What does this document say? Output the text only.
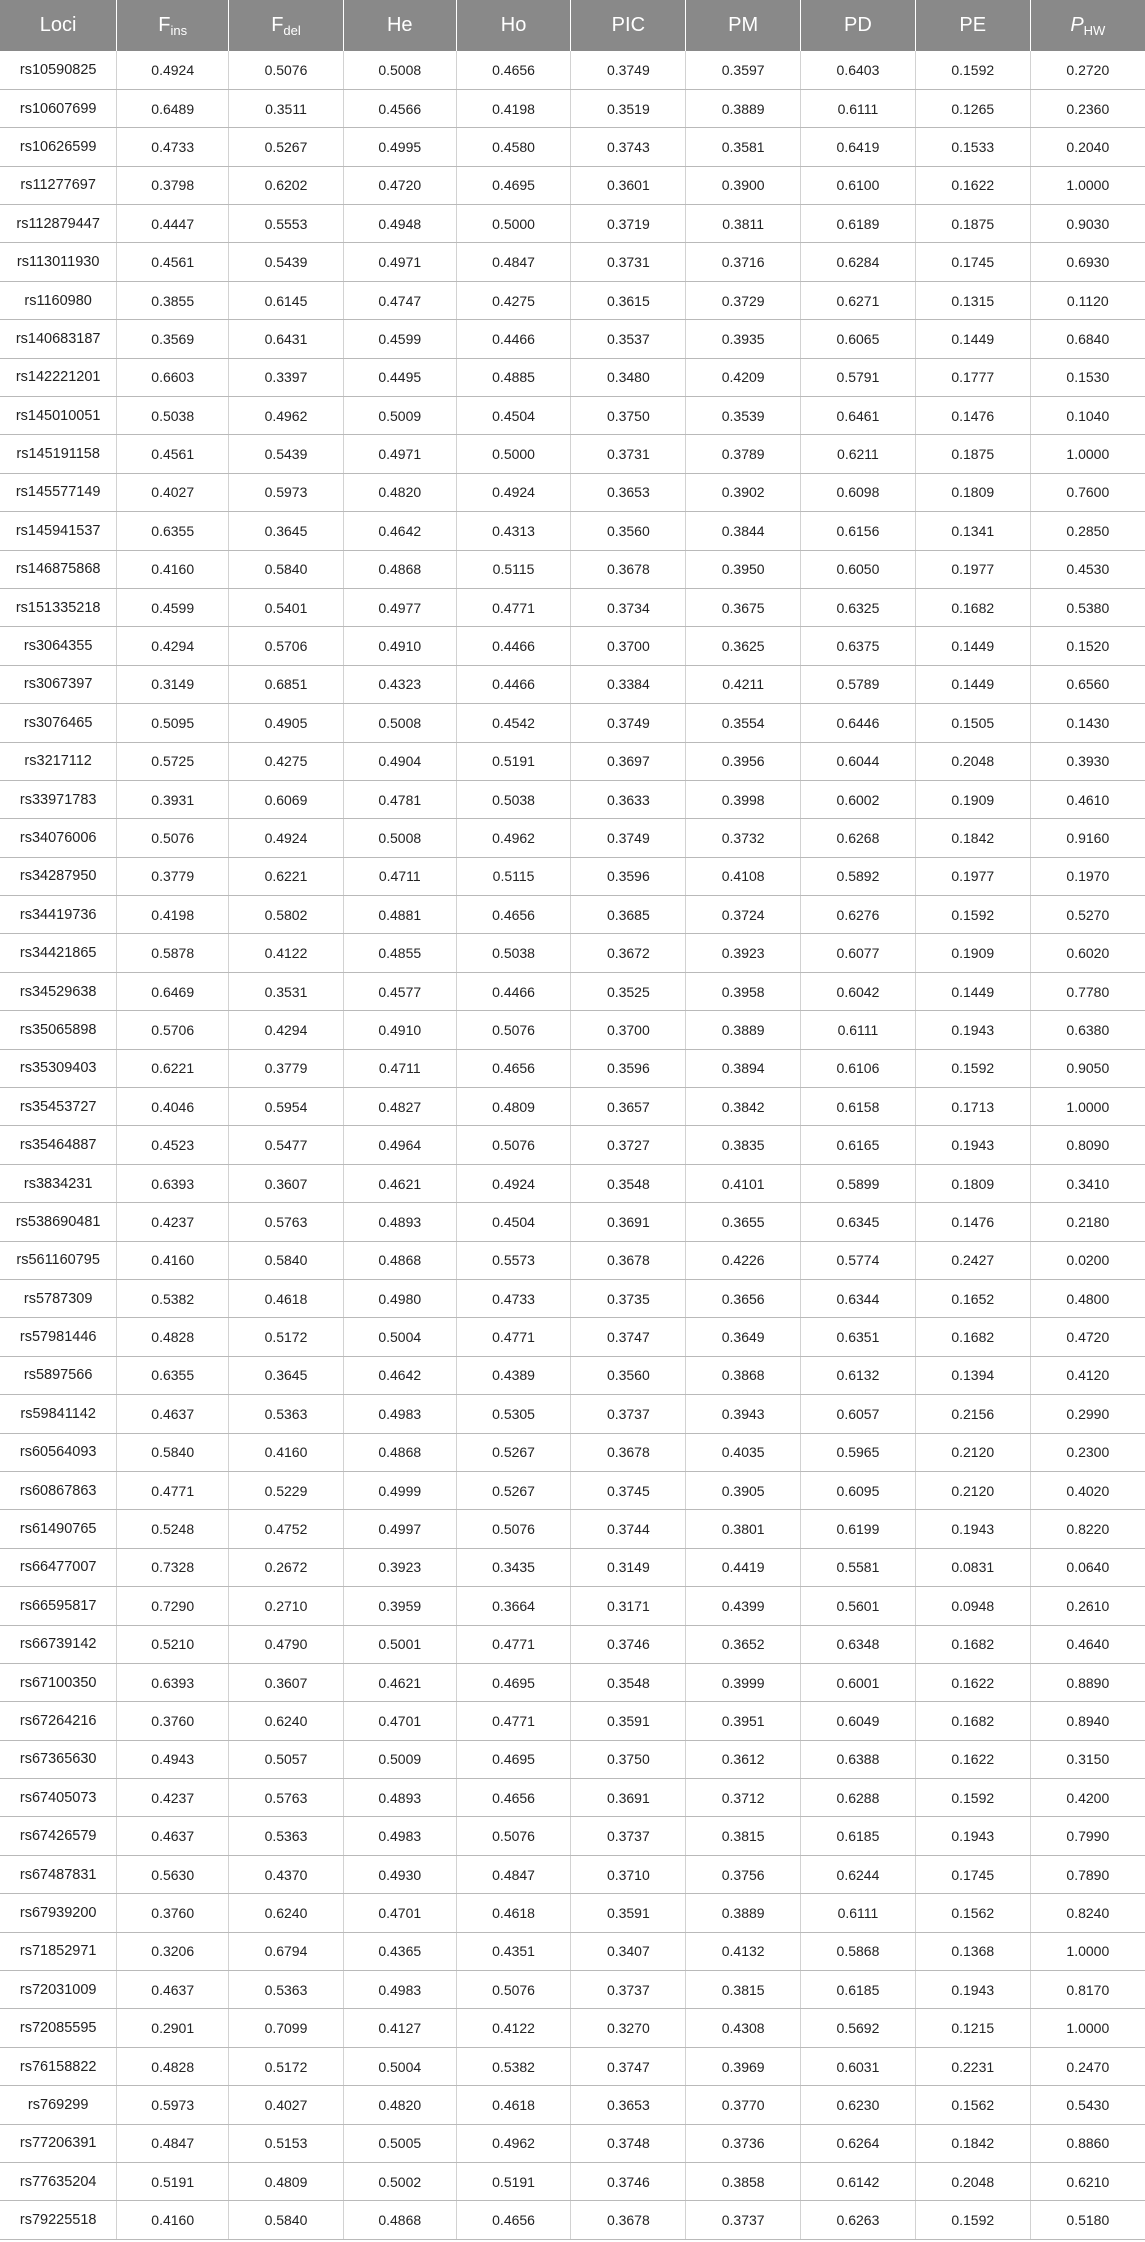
Loci	$F_{ins}$	$F_{del}$	He	Ho	PIC	PM	PD	PE	$P_{HW}$
rs10590825	0.4924	0.5076	0.5008	0.4656	0.3749	0.3597	0.6403	0.1592	0.2720
rs10607699	0.6489	0.3511	0.4566	0.4198	0.3519	0.3889	0.6111	0.1265	0.2360
rs10626599	0.4733	0.5267	0.4995	0.4580	0.3743	0.3581	0.6419	0.1533	0.2040
rs11277697	0.3798	0.6202	0.4720	0.4695	0.3601	0.3900	0.6100	0.1622	1.0000
rs112879447	0.4447	0.5553	0.4948	0.5000	0.3719	0.3811	0.6189	0.1875	0.9030
rs113011930	0.4561	0.5439	0.4971	0.4847	0.3731	0.3716	0.6284	0.1745	0.6930
rs1160980	0.3855	0.6145	0.4747	0.4275	0.3615	0.3729	0.6271	0.1315	0.1120
rs140683187	0.3569	0.6431	0.4599	0.4466	0.3537	0.3935	0.6065	0.1449	0.6840
rs142221201	0.6603	0.3397	0.4495	0.4885	0.3480	0.4209	0.5791	0.1777	0.1530
rs145010051	0.5038	0.4962	0.5009	0.4504	0.3750	0.3539	0.6461	0.1476	0.1040
rs145191158	0.4561	0.5439	0.4971	0.5000	0.3731	0.3789	0.6211	0.1875	1.0000
rs145577149	0.4027	0.5973	0.4820	0.4924	0.3653	0.3902	0.6098	0.1809	0.7600
rs145941537	0.6355	0.3645	0.4642	0.4313	0.3560	0.3844	0.6156	0.1341	0.2850
rs146875868	0.4160	0.5840	0.4868	0.5115	0.3678	0.3950	0.6050	0.1977	0.4530
rs151335218	0.4599	0.5401	0.4977	0.4771	0.3734	0.3675	0.6325	0.1682	0.5380
rs3064355	0.4294	0.5706	0.4910	0.4466	0.3700	0.3625	0.6375	0.1449	0.1520
rs3067397	0.3149	0.6851	0.4323	0.4466	0.3384	0.4211	0.5789	0.1449	0.6560
rs3076465	0.5095	0.4905	0.5008	0.4542	0.3749	0.3554	0.6446	0.1505	0.1430
rs3217112	0.5725	0.4275	0.4904	0.5191	0.3697	0.3956	0.6044	0.2048	0.3930
rs33971783	0.3931	0.6069	0.4781	0.5038	0.3633	0.3998	0.6002	0.1909	0.4610
rs34076006	0.5076	0.4924	0.5008	0.4962	0.3749	0.3732	0.6268	0.1842	0.9160
rs34287950	0.3779	0.6221	0.4711	0.5115	0.3596	0.4108	0.5892	0.1977	0.1970
rs34419736	0.4198	0.5802	0.4881	0.4656	0.3685	0.3724	0.6276	0.1592	0.5270
rs34421865	0.5878	0.4122	0.4855	0.5038	0.3672	0.3923	0.6077	0.1909	0.6020
rs34529638	0.6469	0.3531	0.4577	0.4466	0.3525	0.3958	0.6042	0.1449	0.7780
rs35065898	0.5706	0.4294	0.4910	0.5076	0.3700	0.3889	0.6111	0.1943	0.6380
rs35309403	0.6221	0.3779	0.4711	0.4656	0.3596	0.3894	0.6106	0.1592	0.9050
rs35453727	0.4046	0.5954	0.4827	0.4809	0.3657	0.3842	0.6158	0.1713	1.0000
rs35464887	0.4523	0.5477	0.4964	0.5076	0.3727	0.3835	0.6165	0.1943	0.8090
rs3834231	0.6393	0.3607	0.4621	0.4924	0.3548	0.4101	0.5899	0.1809	0.3410
rs538690481	0.4237	0.5763	0.4893	0.4504	0.3691	0.3655	0.6345	0.1476	0.2180
rs561160795	0.4160	0.5840	0.4868	0.5573	0.3678	0.4226	0.5774	0.2427	0.0200
rs5787309	0.5382	0.4618	0.4980	0.4733	0.3735	0.3656	0.6344	0.1652	0.4800
rs57981446	0.4828	0.5172	0.5004	0.4771	0.3747	0.3649	0.6351	0.1682	0.4720
rs5897566	0.6355	0.3645	0.4642	0.4389	0.3560	0.3868	0.6132	0.1394	0.4120
rs59841142	0.4637	0.5363	0.4983	0.5305	0.3737	0.3943	0.6057	0.2156	0.2990
rs60564093	0.5840	0.4160	0.4868	0.5267	0.3678	0.4035	0.5965	0.2120	0.2300
rs60867863	0.4771	0.5229	0.4999	0.5267	0.3745	0.3905	0.6095	0.2120	0.4020
rs61490765	0.5248	0.4752	0.4997	0.5076	0.3744	0.3801	0.6199	0.1943	0.8220
rs66477007	0.7328	0.2672	0.3923	0.3435	0.3149	0.4419	0.5581	0.0831	0.0640
rs66595817	0.7290	0.2710	0.3959	0.3664	0.3171	0.4399	0.5601	0.0948	0.2610
rs66739142	0.5210	0.4790	0.5001	0.4771	0.3746	0.3652	0.6348	0.1682	0.4640
rs67100350	0.6393	0.3607	0.4621	0.4695	0.3548	0.3999	0.6001	0.1622	0.8890
rs67264216	0.3760	0.6240	0.4701	0.4771	0.3591	0.3951	0.6049	0.1682	0.8940
rs67365630	0.4943	0.5057	0.5009	0.4695	0.3750	0.3612	0.6388	0.1622	0.3150
rs67405073	0.4237	0.5763	0.4893	0.4656	0.3691	0.3712	0.6288	0.1592	0.4200
rs67426579	0.4637	0.5363	0.4983	0.5076	0.3737	0.3815	0.6185	0.1943	0.7990
rs67487831	0.5630	0.4370	0.4930	0.4847	0.3710	0.3756	0.6244	0.1745	0.7890
rs67939200	0.3760	0.6240	0.4701	0.4618	0.3591	0.3889	0.6111	0.1562	0.8240
rs71852971	0.3206	0.6794	0.4365	0.4351	0.3407	0.4132	0.5868	0.1368	1.0000
rs72031009	0.4637	0.5363	0.4983	0.5076	0.3737	0.3815	0.6185	0.1943	0.8170
rs72085595	0.2901	0.7099	0.4127	0.4122	0.3270	0.4308	0.5692	0.1215	1.0000
rs76158822	0.4828	0.5172	0.5004	0.5382	0.3747	0.3969	0.6031	0.2231	0.2470
rs769299	0.5973	0.4027	0.4820	0.4618	0.3653	0.3770	0.6230	0.1562	0.5430
rs77206391	0.4847	0.5153	0.5005	0.4962	0.3748	0.3736	0.6264	0.1842	0.8860
rs77635204	0.5191	0.4809	0.5002	0.5191	0.3746	0.3858	0.6142	0.2048	0.6210
rs79225518	0.4160	0.5840	0.4868	0.4656	0.3678	0.3737	0.6263	0.1592	0.5180
